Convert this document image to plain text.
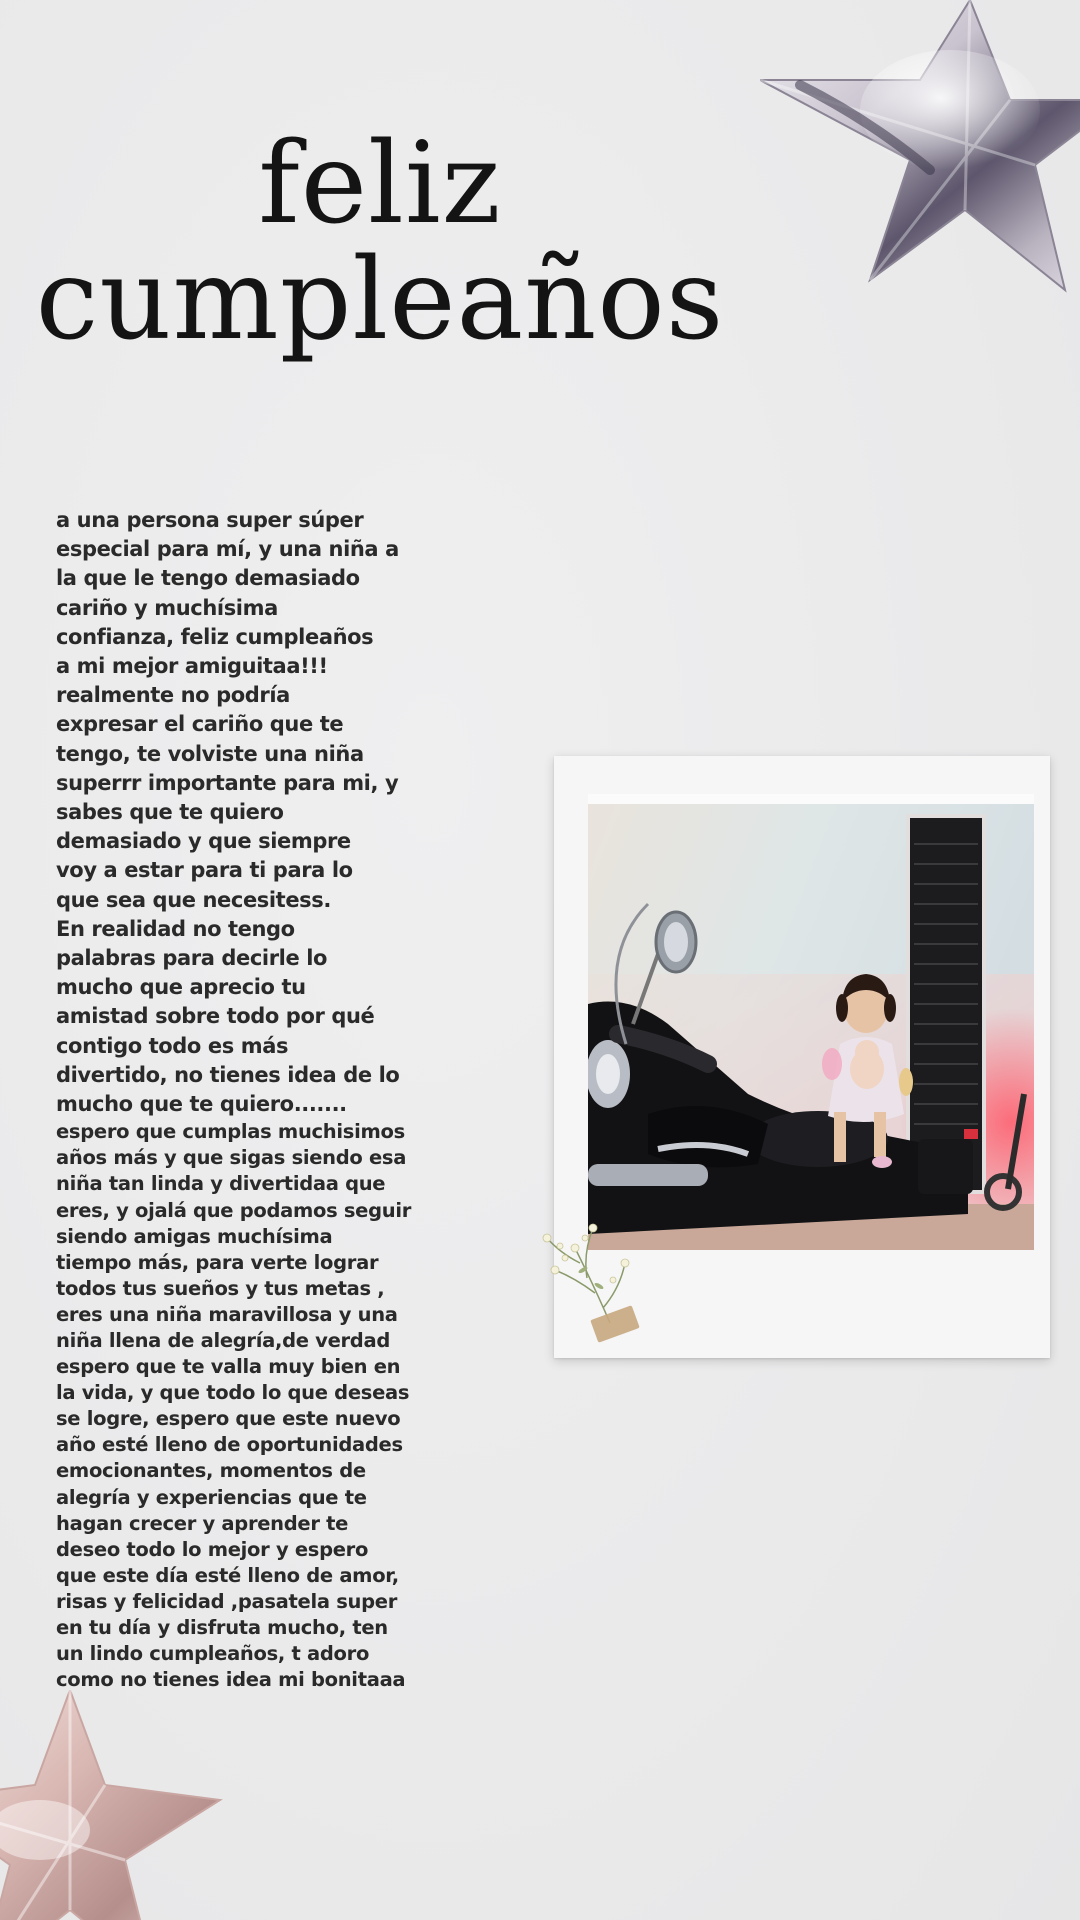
feliz
cumpleaños
a una persona super súper
especial para mí, y una niña a
la que le tengo demasiado
cariño y muchísima
confianza, feliz cumpleaños
a mi mejor amiguitaa!!!
realmente no podría
expresar el cariño que te
tengo, te volviste una niña
superrr importante para mi, y
sabes que te quiero
demasiado y que siempre
voy a estar para ti para lo
que sea que necesitess.
En realidad no tengo
palabras para decirle lo
mucho que aprecio tu
amistad sobre todo por qué
contigo todo es más
divertido, no tienes idea de lo
mucho que te quiero.......
espero que cumplas muchisimos
años más y que sigas siendo esa
niña tan linda y divertidaa que
eres, y ojalá que podamos seguir
siendo amigas muchísima
tiempo más, para verte lograr
todos tus sueños y tus metas ,
eres una niña maravillosa y una
niña llena de alegría,de verdad
espero que te valla muy bien en
la vida, y que todo lo que deseas
se logre, espero que este nuevo
año esté lleno de oportunidades
emocionantes, momentos de
alegría y experiencias que te
hagan crecer y aprender te
deseo todo lo mejor y espero
que este día esté lleno de amor,
risas y felicidad ,pasatela super
en tu día y disfruta mucho, ten
un lindo cumpleaños, t adoro
como no tienes idea mi bonitaaa
